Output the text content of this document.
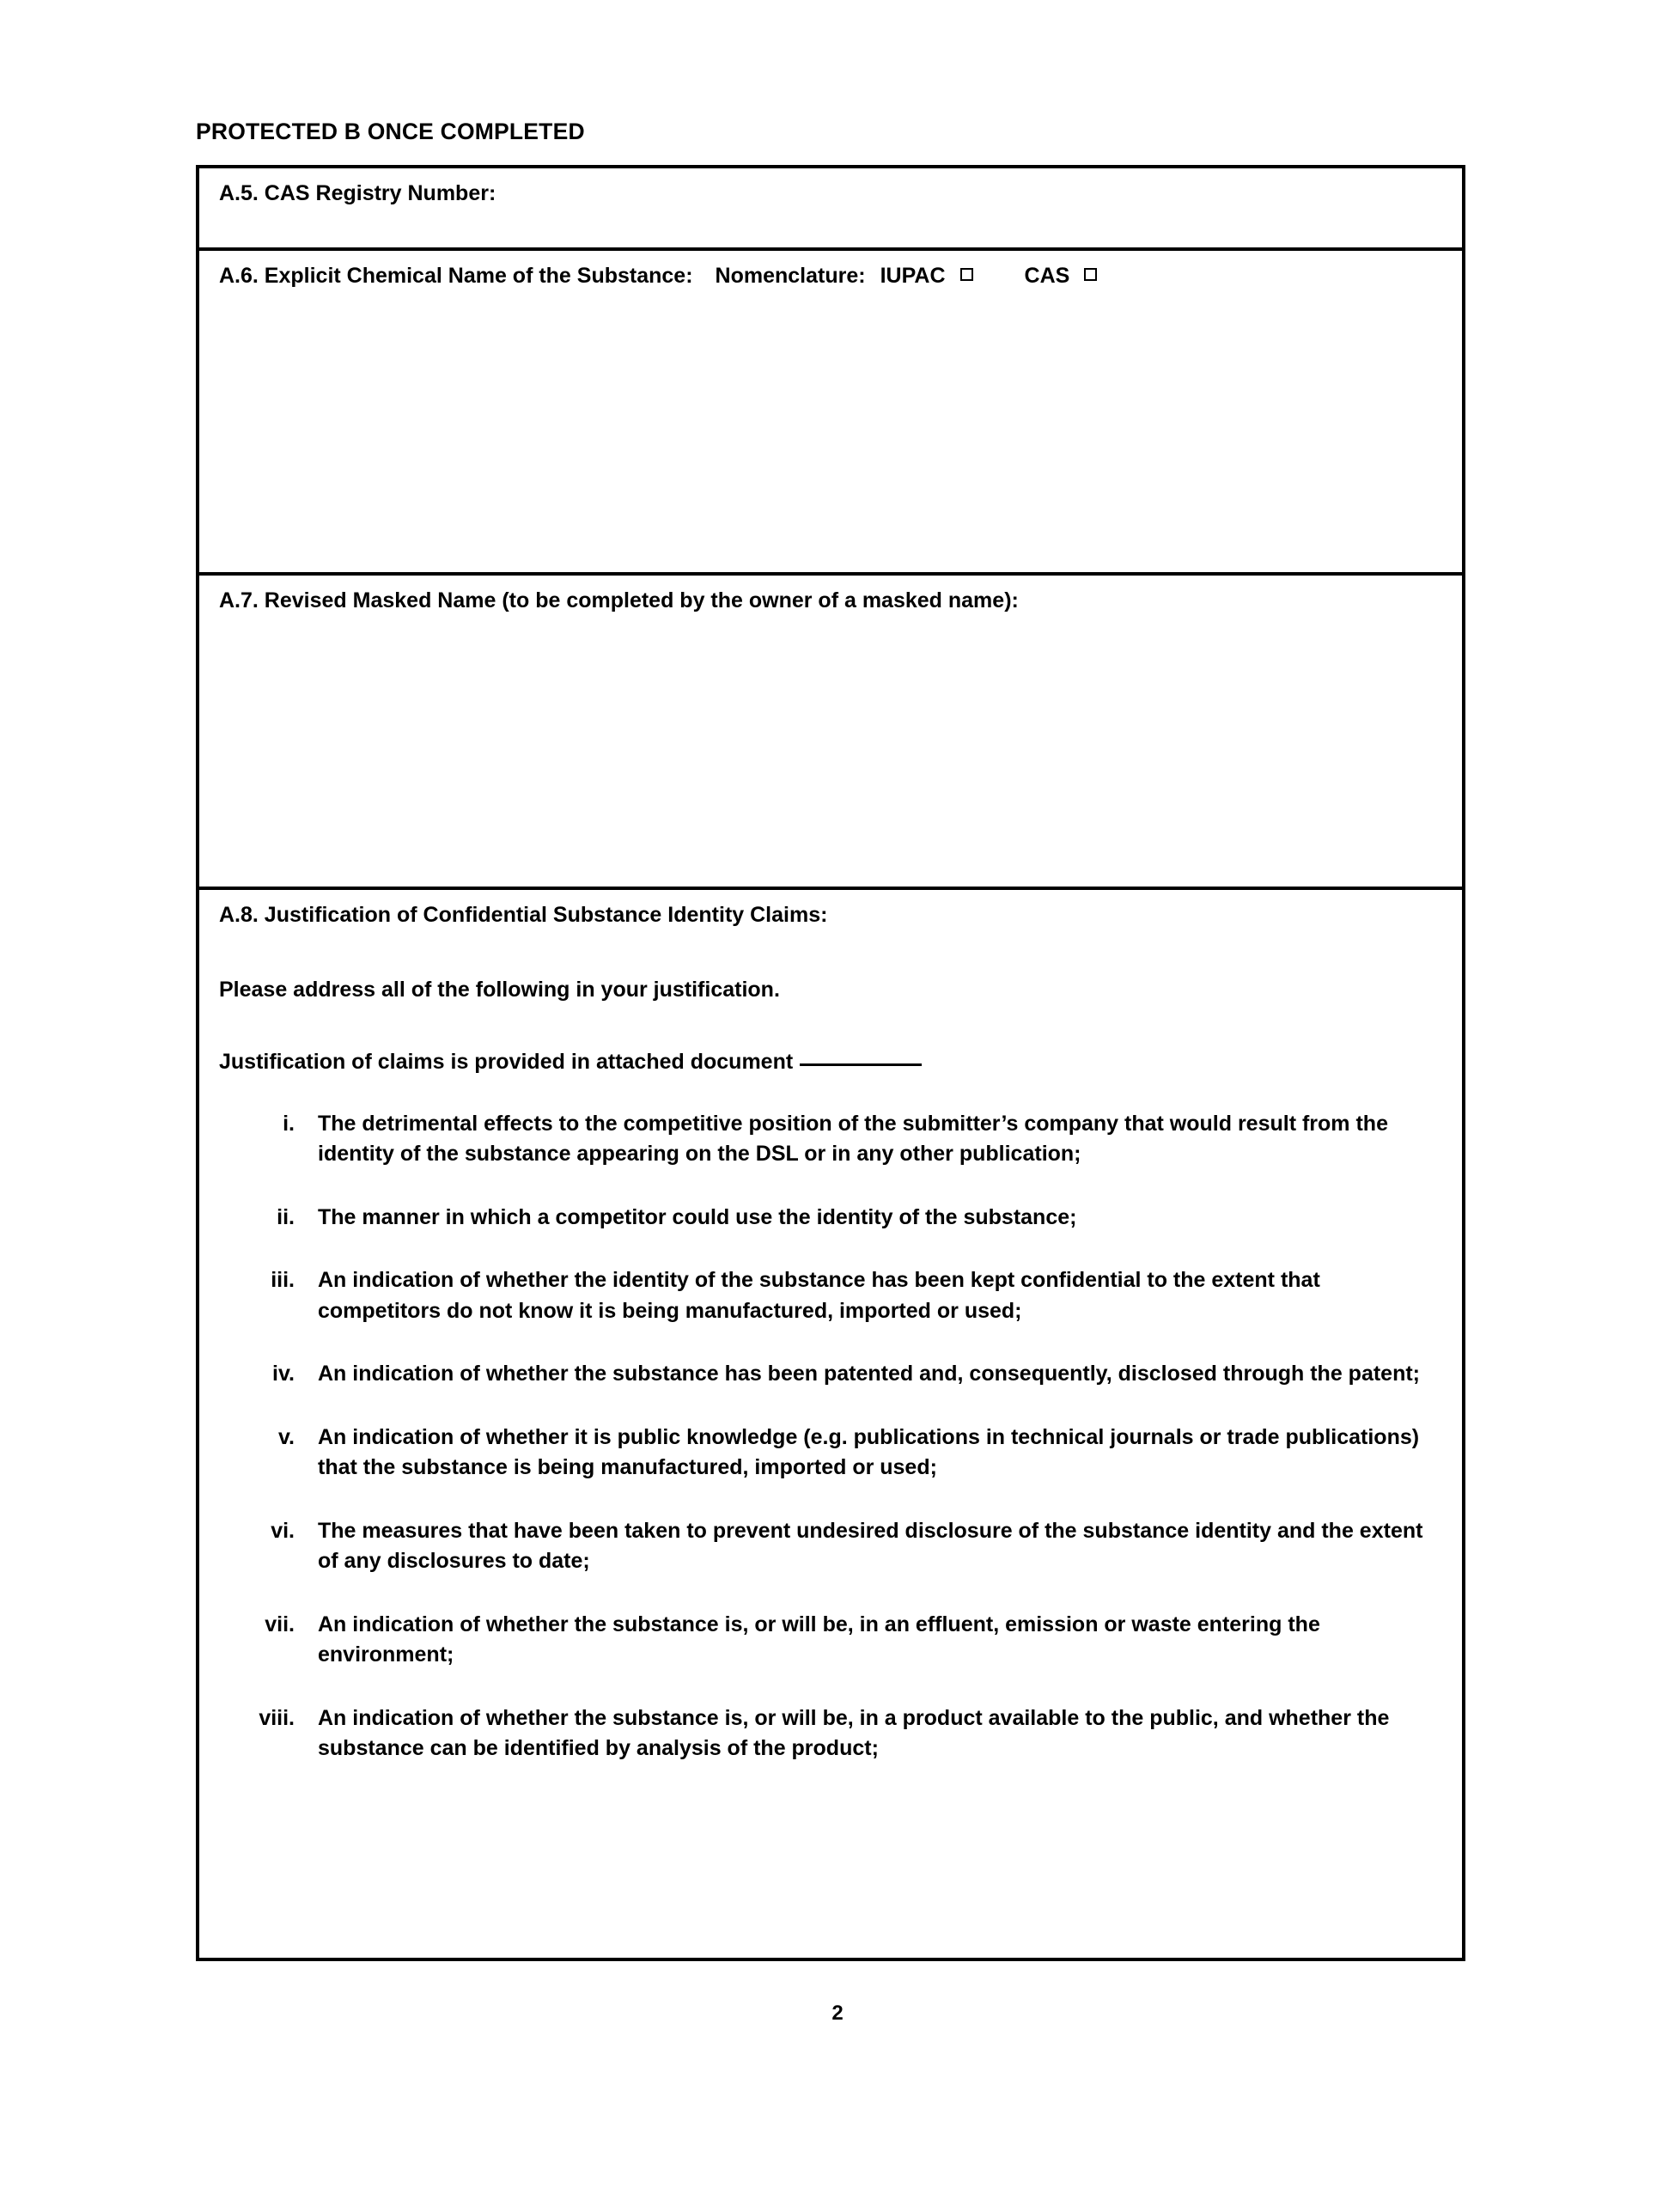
PROTECTED B ONCE COMPLETED
A.5. CAS Registry Number:
A.6. Explicit Chemical Name of the Substance: Nomenclature: IUPAC	CAS
A.7. Revised Masked Name (to be completed by the owner of a masked name):
A.8. Justification of Confidential Substance Identity Claims:
Please address all of the following in your justification.
Justification of claims is provided in attached document
i.	The detrimental effects to the competitive position of the submitter’s company that would result from the identity of the substance appearing on the DSL or in any other publication;
ii.	The manner in which a competitor could use the identity of the substance;
iii.	An indication of whether the identity of the substance has been kept confidential to the extent that competitors do not know it is being manufactured, imported or used;
iv.	An indication of whether the substance has been patented and, consequently, disclosed through the patent;
v.	An indication of whether it is public knowledge (e.g. publications in technical journals or trade publications) that the substance is being manufactured, imported or used;
vi.	The measures that have been taken to prevent undesired disclosure of the substance identity and the extent of any disclosures to date;
vii.	An indication of whether the substance is, or will be, in an effluent, emission or waste entering the environment;
viii.	An indication of whether the substance is, or will be, in a product available to the public, and whether the substance can be identified by analysis of the product;
2
